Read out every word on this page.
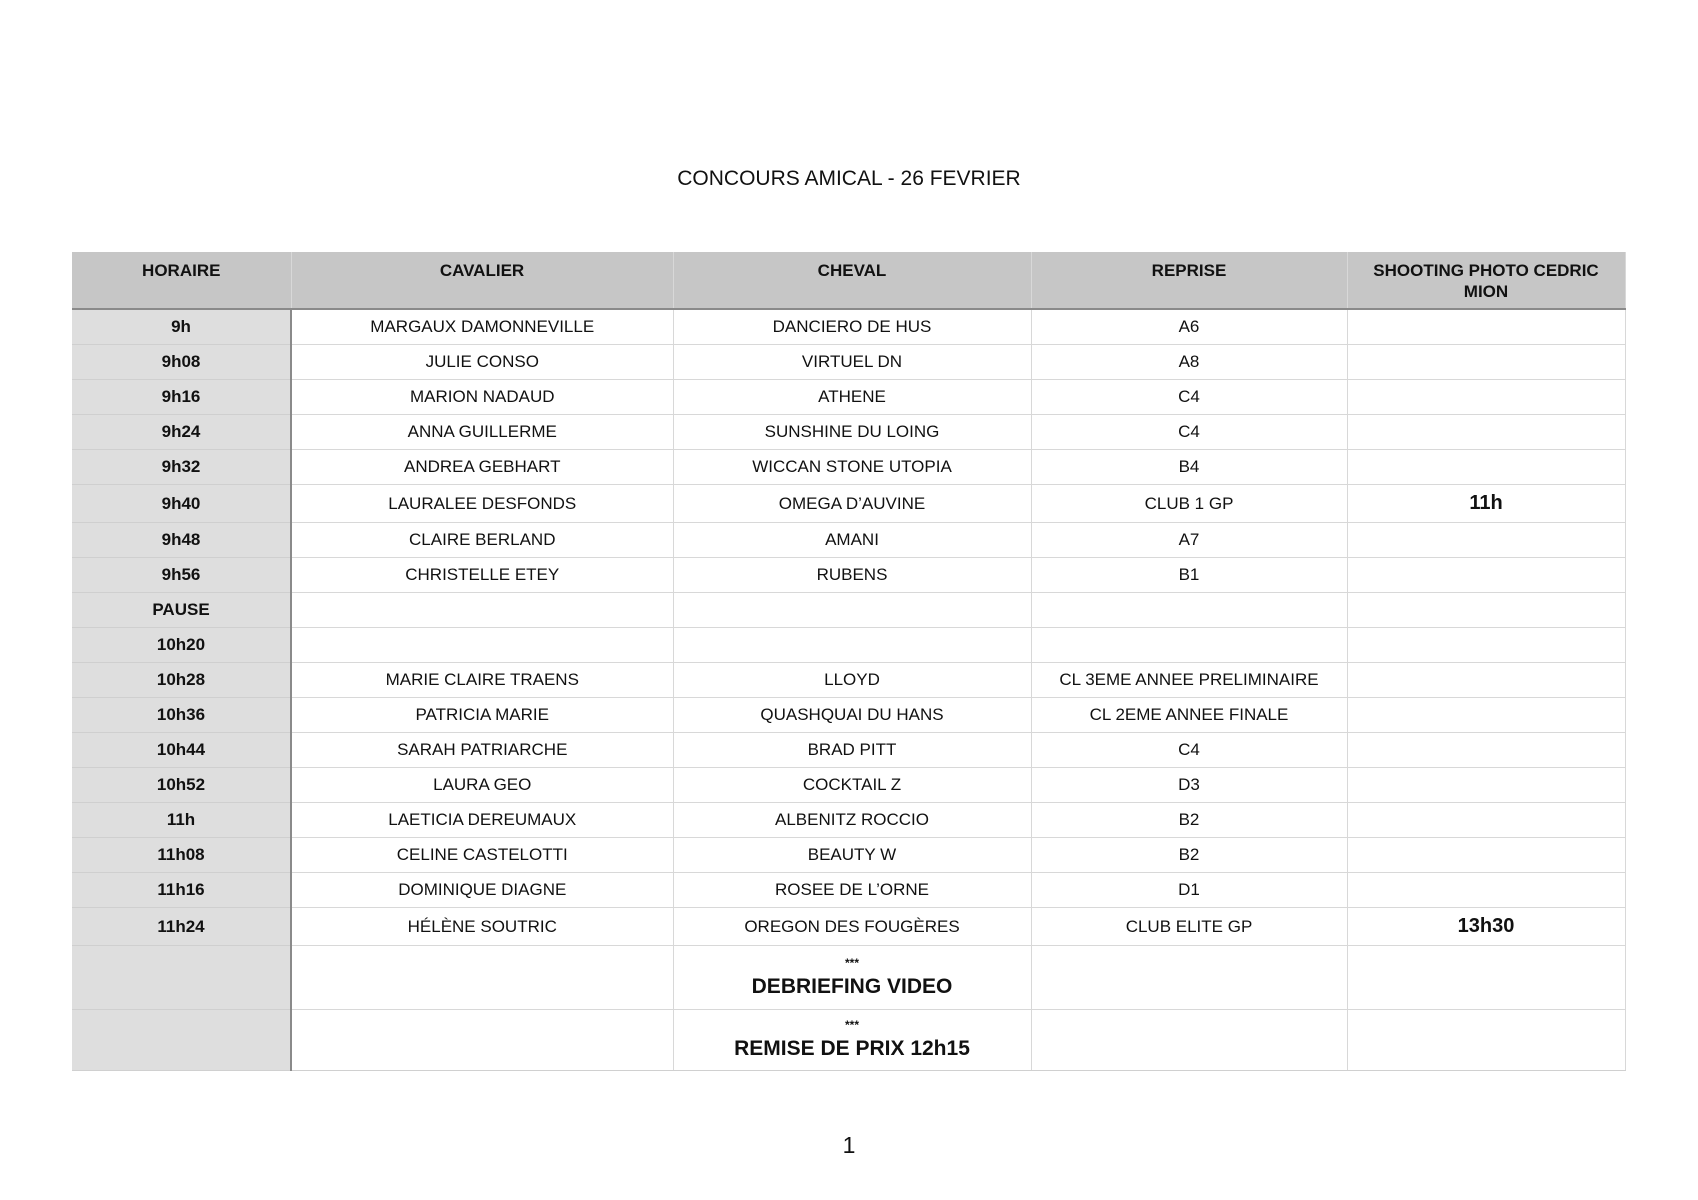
CONCOURS AMICAL - 26 FEVRIER
HORAIRE	CAVALIER	CHEVAL	REPRISE	SHOOTING PHOTO CEDRIC MION
9h	MARGAUX DAMONNEVILLE	DANCIERO DE HUS	A6	
9h08	JULIE CONSO	VIRTUEL DN	A8	
9h16	MARION NADAUD	ATHENE	C4	
9h24	ANNA GUILLERME	SUNSHINE DU LOING	C4	
9h32	ANDREA GEBHART	WICCAN STONE UTOPIA	B4	
9h40	LAURALEE DESFONDS	OMEGA D’AUVINE	CLUB 1 GP	11h
9h48	CLAIRE BERLAND	AMANI	A7	
9h56	CHRISTELLE ETEY	RUBENS	B1	
PAUSE				
10h20				
10h28	MARIE CLAIRE TRAENS	LLOYD	CL 3EME ANNEE PRELIMINAIRE	
10h36	PATRICIA MARIE	QUASHQUAI DU HANS	CL 2EME ANNEE FINALE	
10h44	SARAH PATRIARCHE	BRAD PITT	C4	
10h52	LAURA GEO	COCKTAIL Z	D3	
11h	LAETICIA DEREUMAUX	ALBENITZ ROCCIO	B2	
11h08	CELINE CASTELOTTI	BEAUTY W	B2	
11h16	DOMINIQUE DIAGNE	ROSEE DE L’ORNE	D1	
11h24	HÉLÈNE SOUTRIC	OREGON DES FOUGÈRES	CLUB ELITE GP	13h30

		***
DEBRIEFING VIDEO		

		***
REMISE DE PRIX 12h15		

1
